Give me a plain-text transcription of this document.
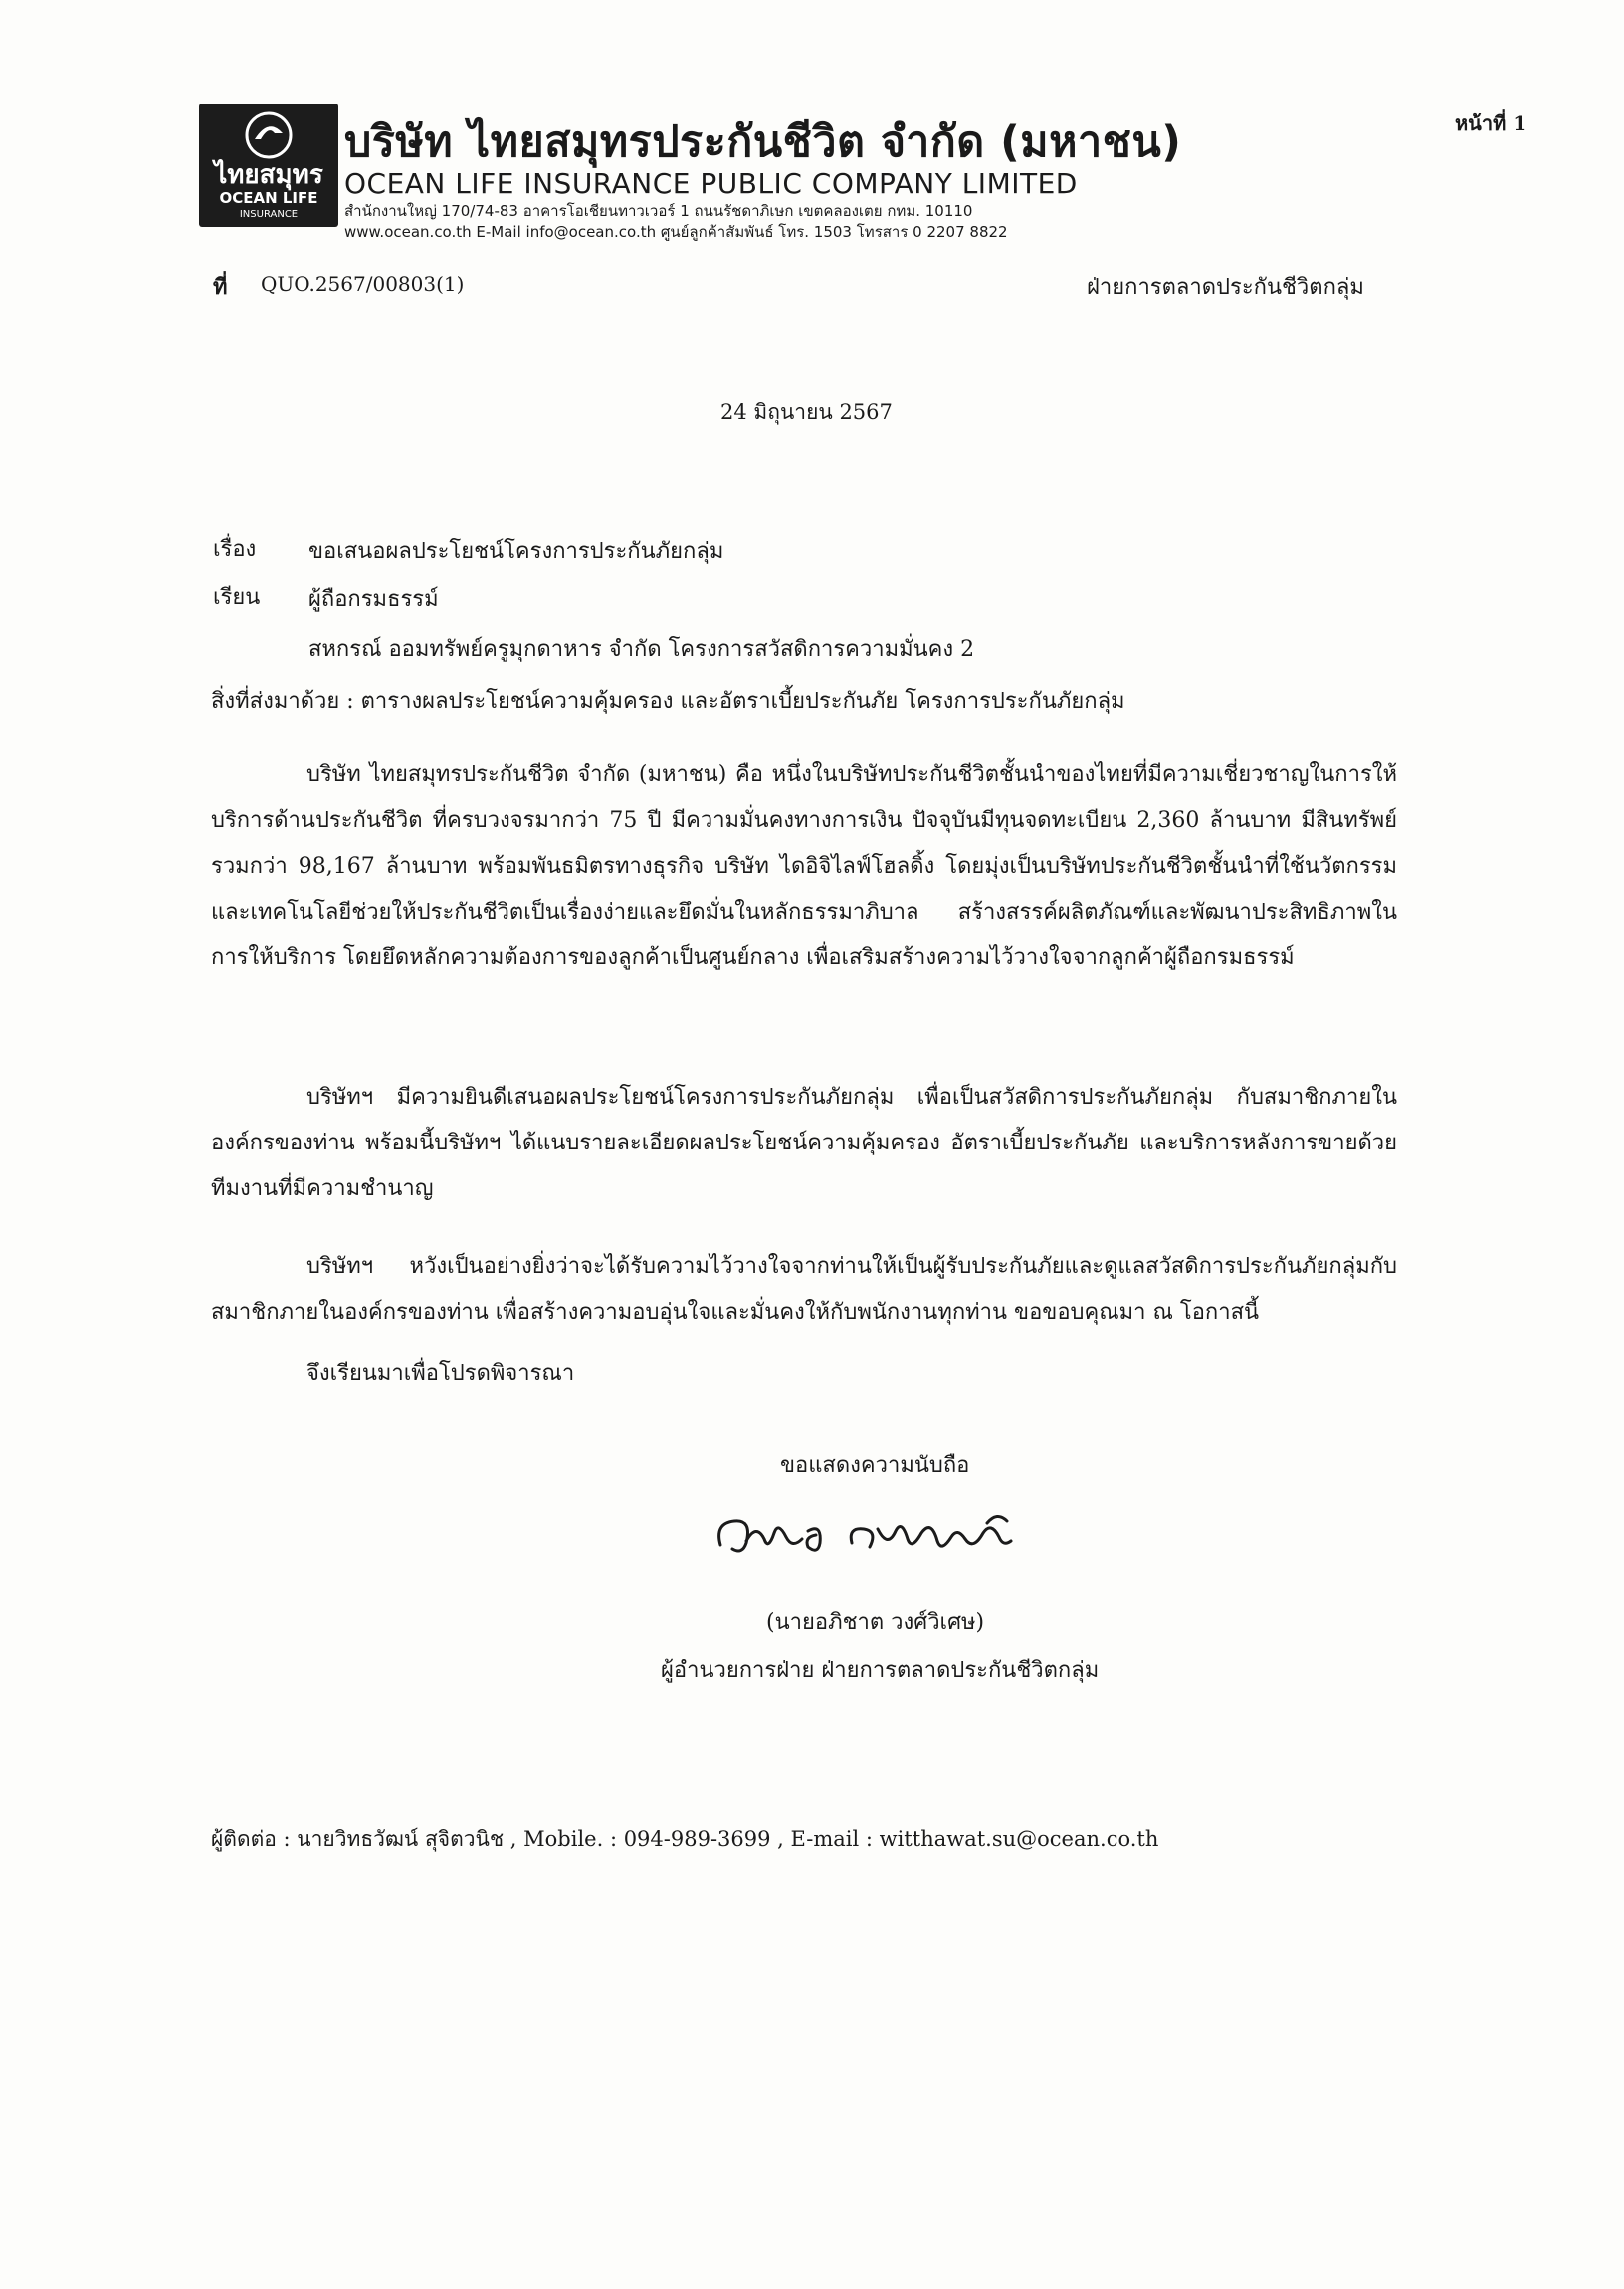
ไทยสมุทร
OCEAN LIFE
INSURANCE
บริษัท ไทยสมุทรประกันชีวิต จำกัด (มหาชน)
OCEAN LIFE INSURANCE PUBLIC COMPANY LIMITED
สำนักงานใหญ่ 170/74-83 อาคารโอเชียนทาวเวอร์ 1 ถนนรัชดาภิเษก เขตคลองเตย กทม. 10110
www.ocean.co.th E-Mail info@ocean.co.th ศูนย์ลูกค้าสัมพันธ์ โทร. 1503 โทรสาร 0 2207 8822
หน้าที่ 1
ที่ QUO.2567/00803(1)	ฝ่ายการตลาดประกันชีวิตกลุ่ม
24 มิถุนายน 2567
เรื่อง ขอเสนอผลประโยชน์โครงการประกันภัยกลุ่ม
เรียน ผู้ถือกรมธรรม์
สหกรณ์ ออมทรัพย์ครูมุกดาหาร จำกัด โครงการสวัสดิการความมั่นคง 2
สิ่งที่ส่งมาด้วย : ตารางผลประโยชน์ความคุ้มครอง และอัตราเบี้ยประกันภัย โครงการประกันภัยกลุ่ม
บริษัท ไทยสมุทรประกันชีวิต จำกัด (มหาชน) คือ หนึ่งในบริษัทประกันชีวิตชั้นนำของไทยที่มีความเชี่ยวชาญในการให้บริการด้านประกันชีวิต ที่ครบวงจรมากว่า 75 ปี มีความมั่นคงทางการเงิน ปัจจุบันมีทุนจดทะเบียน 2,360 ล้านบาท มีสินทรัพย์รวมกว่า 98,167 ล้านบาท พร้อมพันธมิตรทางธุรกิจ บริษัท ไดอิจิไลฟ์โฮลดิ้ง โดยมุ่งเป็นบริษัทประกันชีวิตชั้นนำที่ใช้นวัตกรรมและเทคโนโลยีช่วยให้ประกันชีวิตเป็นเรื่องง่ายและยึดมั่นในหลักธรรมาภิบาล สร้างสรรค์ผลิตภัณฑ์และพัฒนาประสิทธิภาพในการให้บริการ โดยยึดหลักความต้องการของลูกค้าเป็นศูนย์กลาง เพื่อเสริมสร้างความไว้วางใจจากลูกค้าผู้ถือกรมธรรม์
บริษัทฯ มีความยินดีเสนอผลประโยชน์โครงการประกันภัยกลุ่ม เพื่อเป็นสวัสดิการประกันภัยกลุ่ม กับสมาชิกภายในองค์กรของท่าน พร้อมนี้บริษัทฯ ได้แนบรายละเอียดผลประโยชน์ความคุ้มครอง อัตราเบี้ยประกันภัย และบริการหลังการขายด้วยทีมงานที่มีความชำนาญ
บริษัทฯ หวังเป็นอย่างยิ่งว่าจะได้รับความไว้วางใจจากท่านให้เป็นผู้รับประกันภัยและดูแลสวัสดิการประกันภัยกลุ่มกับสมาชิกภายในองค์กรของท่าน เพื่อสร้างความอบอุ่นใจและมั่นคงให้กับพนักงานทุกท่าน ขอขอบคุณมา ณ โอกาสนี้
จึงเรียนมาเพื่อโปรดพิจารณา
ขอแสดงความนับถือ
(นายอภิชาต วงศ์วิเศษ)
ผู้อำนวยการฝ่าย ฝ่ายการตลาดประกันชีวิตกลุ่ม
ผู้ติดต่อ : นายวิทธวัฒน์ สุจิตวนิช , Mobile. : 094-989-3699 , E-mail : witthawat.su@ocean.co.th
